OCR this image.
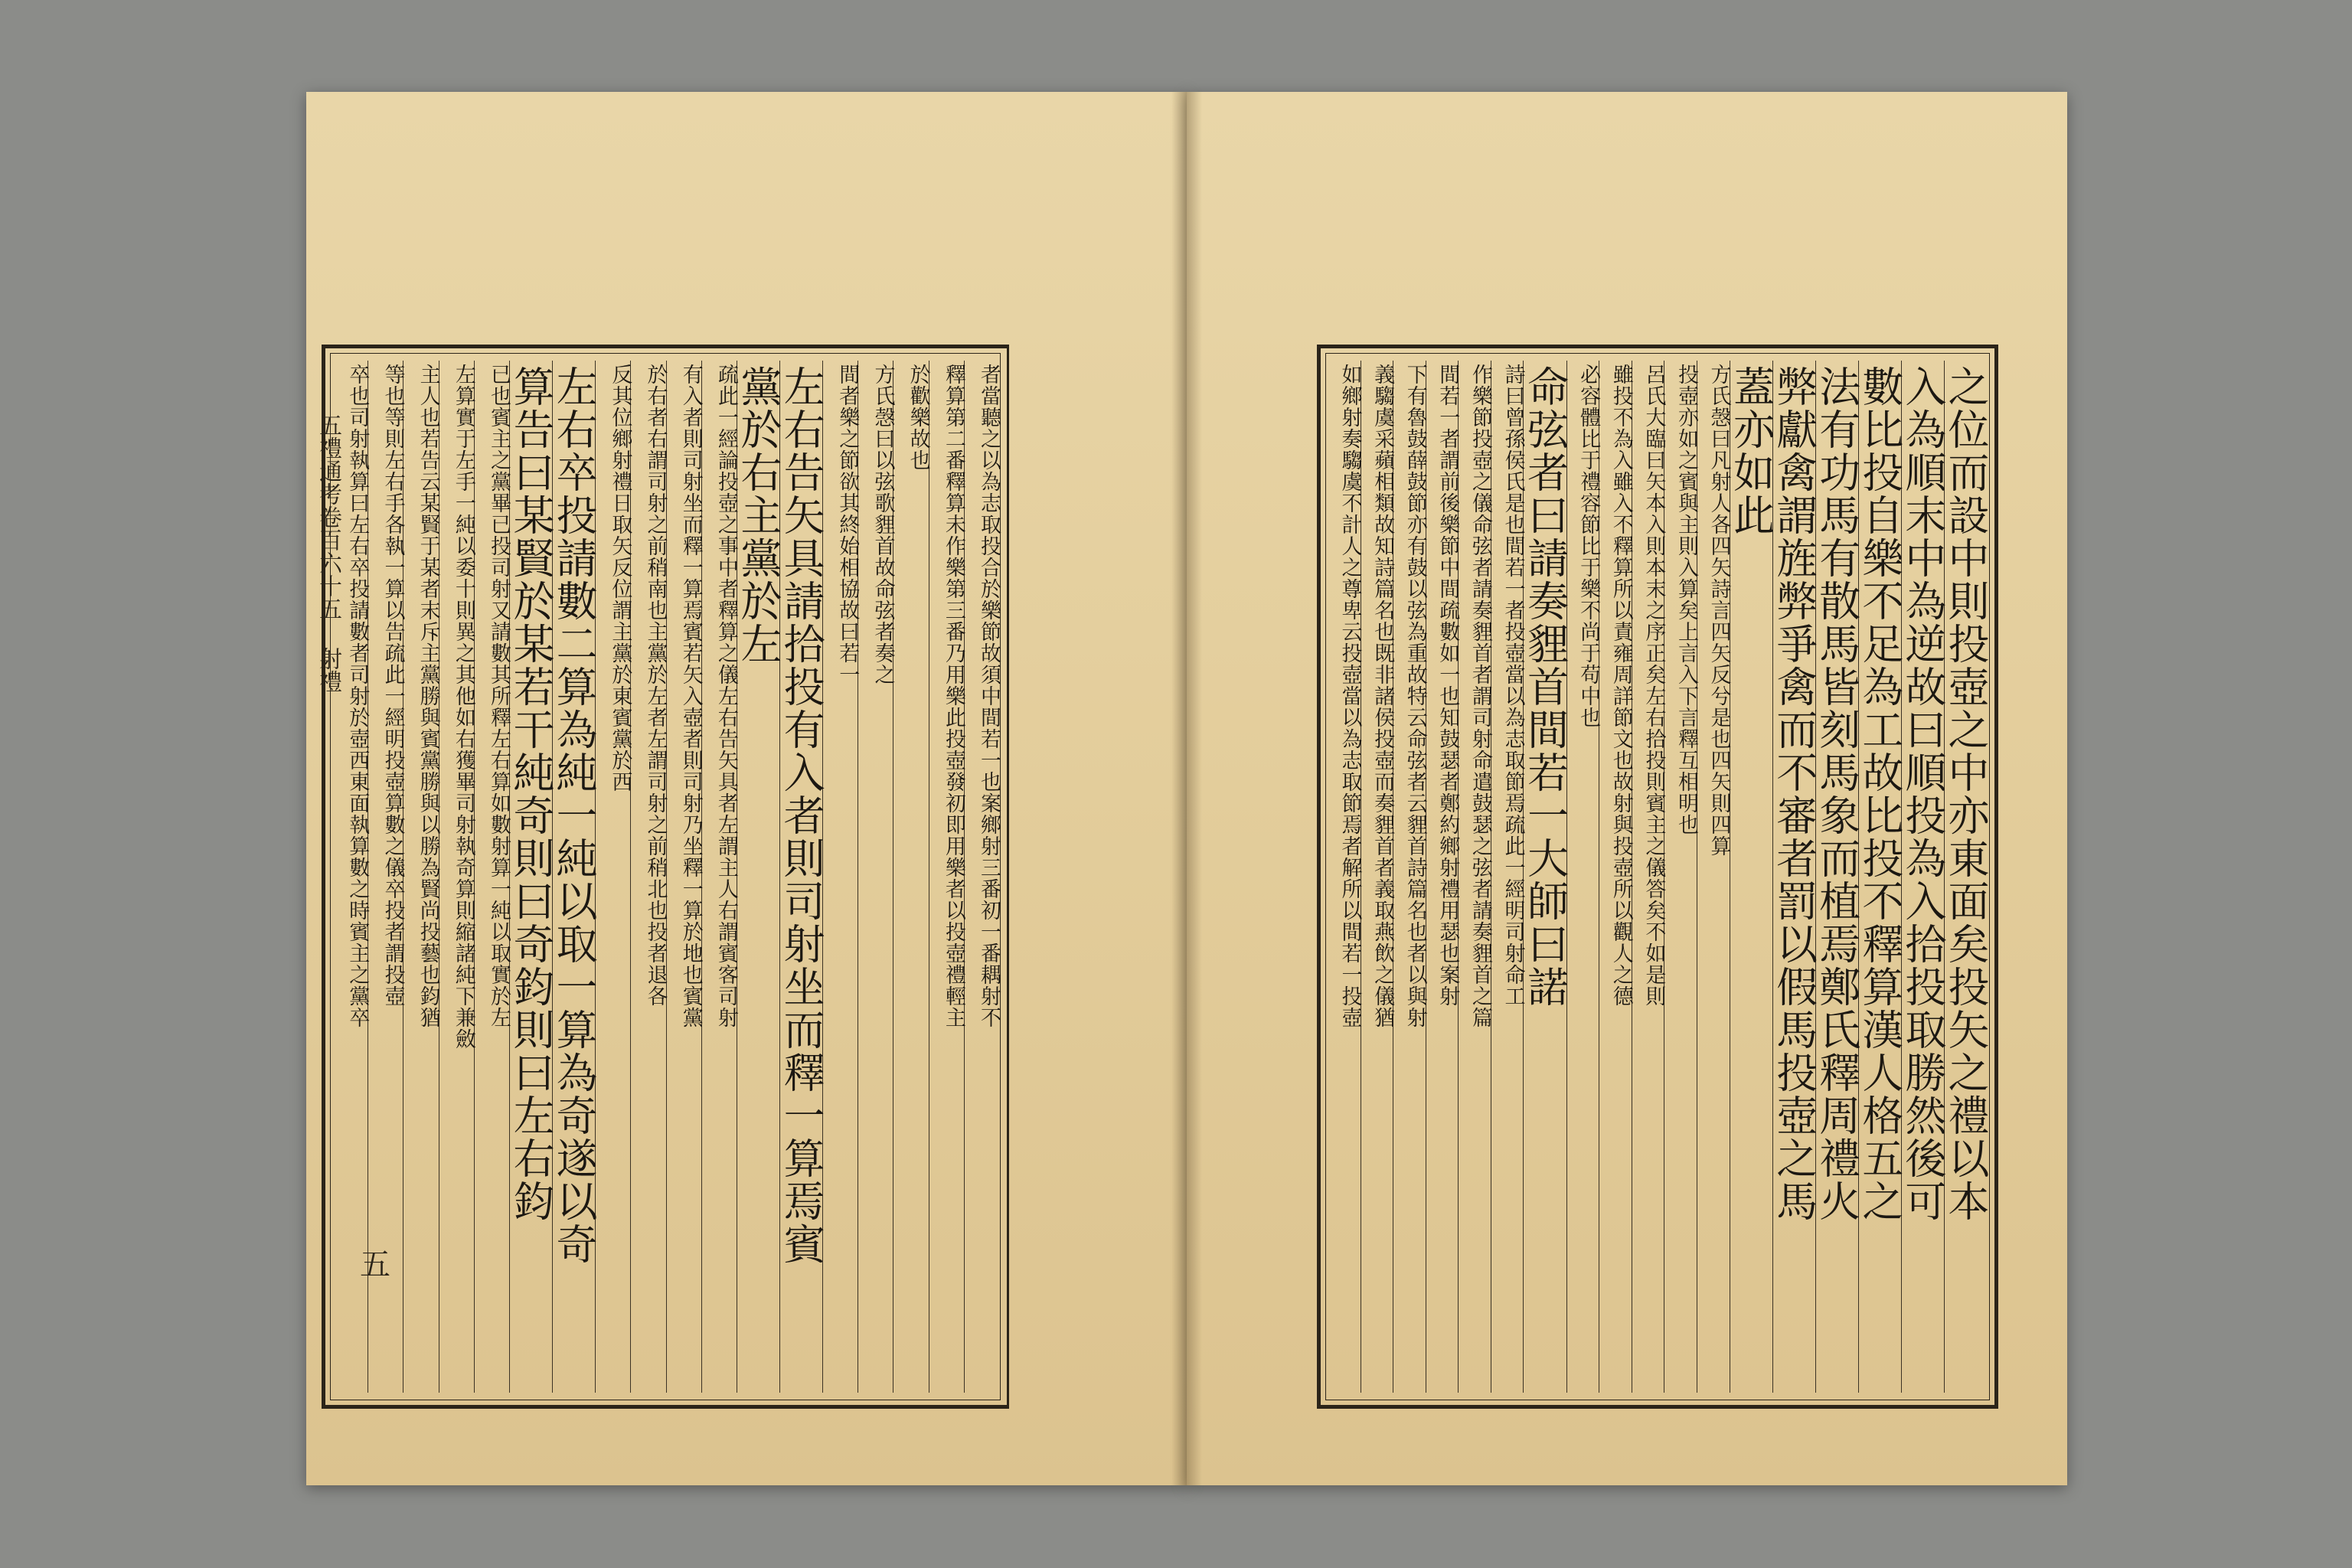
者當聽之以為志取投合於樂節故須中間若一也案鄉射三番初一番耦射不
釋算第二番釋算未作樂第三番乃用樂此投壺發初即用樂者以投壺禮輕主
於歡樂故也
方氏愨曰以弦歌貍首故命弦者奏之
間者樂之節欲其終始相協故曰若一
左右告矢具請拾投有入者則司射坐而釋一算焉賓
黨於右主黨於左
疏此一經論投壺之事中者釋算之儀左右告矢具者左謂主人右謂賓客司射
有入者則司射坐而釋一算焉賓若矢入壺者則司射乃坐釋一算於地也賓黨
於右者右謂司射之前稍南也主黨於左者左謂司射之前稍北也投者退各
反其位鄉射禮日取矢反位謂主黨於東賓黨於西
左右卒投請數二算為純一純以取一算為奇遂以奇
算告曰某賢於某若干純奇則曰奇鈞則曰左右鈞
已也賓主之黨畢已投司射又請數其所釋左右算如數射算一純以取實於左
左算實于左手一純以委十則異之其他如右獲畢司射執奇算則縮諸純下兼斂
主人也若告云某賢于某者末斥主黨勝與賓黨勝與以勝為賢尚投藝也鈞猶
等也等則左右手各執一算以告疏此一經明投壺算數之儀卒投者謂投壺
卒也司射執算曰左右卒投請數者司射於壺西東面執算數之時賓主之黨卒	之位而設中則投壺之中亦東面矣投矢之禮以本
入為順末中為逆故曰順投為入拾投取勝然後可
數比投自樂不足為工故比投不釋算漢人格五之
法有功馬有散馬皆刻馬象而植焉鄭氏釋周禮火
弊獻禽謂旌弊爭禽而不審者罰以假馬投壺之馬
蓋亦如此
方氏愨曰凡射人各四矢詩言四矢反兮是也四矢則四算
投壺亦如之賓與主則入算矣上言入下言釋互相明也
呂氏大臨曰矢本入則本末之序正矣左右拾投則賓主之儀答矣不如是則
雖投不為入雖入不釋算所以責雍周詳節文也故射與投壺所以觀人之德
必容體比于禮容節比于樂不尚于苟中也
命弦者曰請奏貍首間若一大師曰諾
詩曰曾孫侯氏是也間若一者投壺當以為志取節焉疏此一經明司射命工
作樂節投壺之儀命弦者請奏貍首者謂司射命遣鼓瑟之弦者請奏貍首之篇
間若一者謂前後樂節中間疏數如一也知鼓瑟者鄭約鄉射禮用瑟也案射
下有魯鼓薛鼓節亦有鼓以弦為重故特云命弦者云貍首詩篇名也者以與射
義騶虞采蘋相類故知詩篇名也既非諸侯投壺而奏貍首者義取燕飲之儀猶
如鄉射奏騶虞不計人之尊卑云投壺當以為志取節焉者解所以間若一投壺
五禮通考卷百六十五 射禮
五
